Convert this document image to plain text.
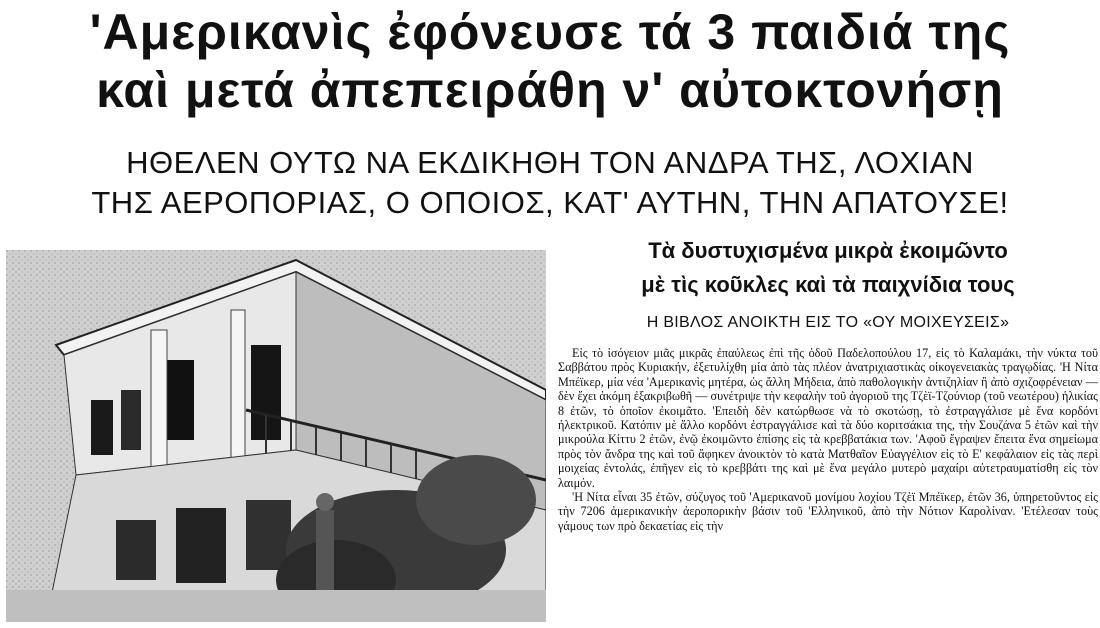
'Αμερικανὶς ἐφόνευσε τά 3 παιδιά της
καὶ μετά ἀπεπειράθη ν' αὐτοκτονήσῃ
ΗΘΕΛΕΝ ΟΥΤΩ ΝΑ ΕΚΔΙΚΗΘΗ ΤΟΝ ΑΝΔΡΑ ΤΗΣ, ΛΟΧΙΑΝ
ΤΗΣ ΑΕΡΟΠΟΡΙΑΣ, Ο ΟΠΟΙΟΣ, ΚΑΤ' ΑΥΤΗΝ, ΤΗΝ ΑΠΑΤΟΥΣΕ!
Τὰ δυστυχισμένα μικρὰ ἐκοιμῶντο
μὲ τὶς κοῦκλες καὶ τὰ παιχνίδια τους
Η ΒΙΒΛΟΣ ΑΝΟΙΚΤΗ ΕΙΣ ΤΟ «ΟΥ ΜΟΙΧΕΥΣΕΙΣ»

Εἰς τὸ ἰσόγειον μιᾶς μικρᾶς ἐπαύλεως ἐπὶ τῆς ὁδοῦ Παδελοπούλου 17, εἰς τὸ Καλαμάκι, τὴν νύκτα τοῦ Σαββάτου πρὸς Κυριακήν, ἐξετυλίχθη μία ἀπὸ τὰς πλέον ἀνατριχιαστικὰς οἰκογενειακὰς τραγῳδίας. 'Η Νίτα Μπέϊκερ, μία νέα 'Αμερικανὶς μητέρα, ὡς ἄλλη Μήδεια, ἀπὸ παθολογικὴν ἀντιζηλίαν ἢ ἀπὸ σχιζοφρένειαν — δὲν ἔχει ἀκόμη ἐξακριβωθῆ — συνέτριψε τὴν κεφαλὴν τοῦ ἀγοριοῦ της Τζὲϊ-Τζούνιορ (τοῦ νεωτέρου) ἡλικίας 8 ἐτῶν, τὸ ὁποῖον ἐκοιμᾶτο. 'Επειδὴ δὲν κατώρθωσε νὰ τὸ σκοτώσῃ, τὸ ἐστραγγάλισε μὲ ἕνα κορδόνι ἠλεκτρικοῦ. Κατόπιν μὲ ἄλλο κορδόνι ἐστραγγάλισε καὶ τὰ δύο κοριτσάκια της, τὴν Σουζάνα 5 ἐτῶν καὶ τὴν μικρούλα Κίττυ 2 ἐτῶν, ἐνῷ ἐκοιμῶντο ἐπίσης εἰς τὰ κρεββατάκια των. 'Αφοῦ ἔγραψεν ἔπειτα ἕνα σημείωμα πρὸς τὸν ἄνδρα της καὶ τοῦ ἄφηκεν ἀνοικτὸν τὸ κατὰ Ματθαῖον Εὐαγγέλιον εἰς τὸ Ε' κεφάλαιον εἰς τὰς περὶ μοιχείας ἐντολάς, ἐπῆγεν εἰς τὸ κρεββάτι της καὶ μὲ ἕνα μεγάλο μυτερὸ μαχαίρι αὐτετραυματίσθη εἰς τὸν λαιμόν.

'Η Νίτα εἶναι 35 ἐτῶν, σύζυγος τοῦ 'Αμερικανοῦ μονίμου λοχίου Τζὲϊ Μπέϊκερ, ἐτῶν 36, ὑπηρετοῦντος εἰς τὴν 7206 ἀμερικανικὴν ἀεροπορικὴν βάσιν τοῦ 'Ελληνικοῦ, ἀπὸ τὴν Νότιον Καρολίναν. 'Ετέλεσαν τοὺς γάμους των πρὸ δεκαετίας εἰς τὴν
